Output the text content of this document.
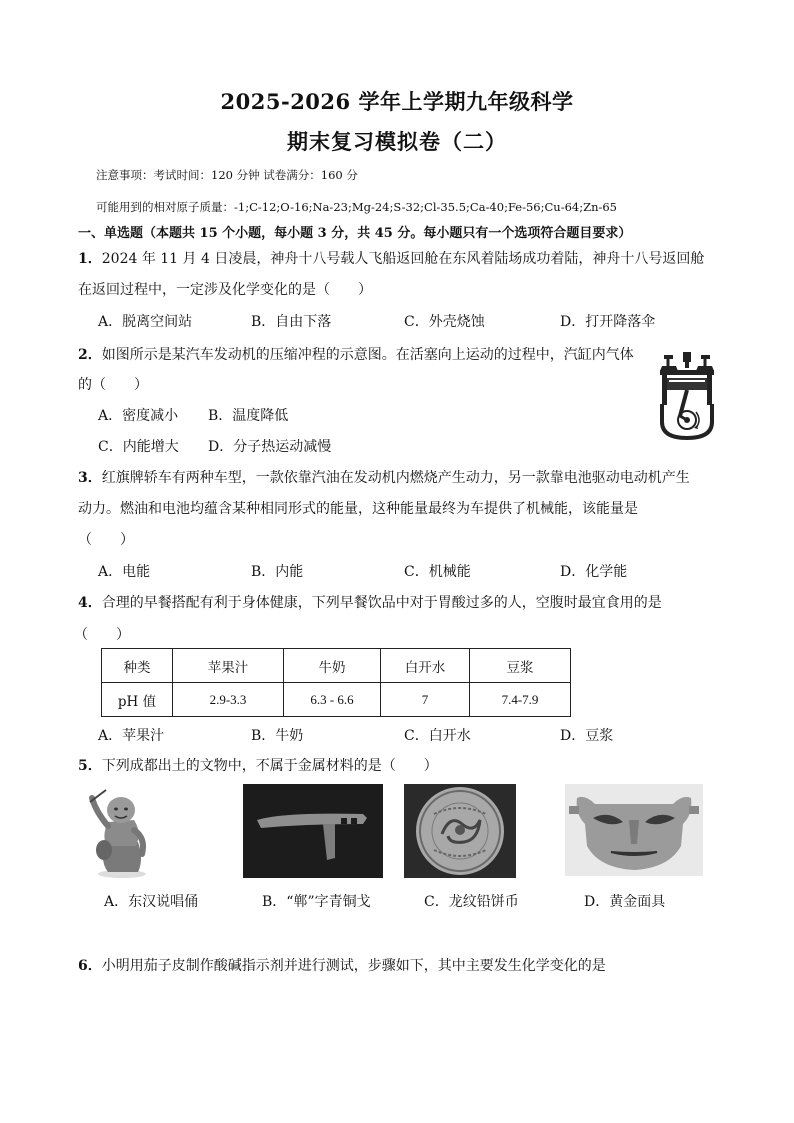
2025-2026 学年上学期九年级科学
期末复习模拟卷（二）
注意事项：考试时间：120 分钟 试卷满分：160 分
可能用到的相对原子质量：-1;C-12;O-16;Na-23;Mg-24;S-32;Cl-35.5;Ca-40;Fe-56;Cu-64;Zn-65
一、单选题（本题共 15 个小题，每小题 3 分，共 45 分。每小题只有一个选项符合题目要求）
1．2024 年 11 月 4 日凌晨，神舟十八号载人飞船返回舱在东风着陆场成功着陆，神舟十八号返回舱
在返回过程中，一定涉及化学变化的是（　　）
A．脱离空间站	B．自由下落	C．外壳烧蚀	D．打开降落伞
2．如图所示是某汽车发动机的压缩冲程的示意图。在活塞向上运动的过程中，汽缸内气体
的（　　）
A．密度减小 B．温度降低
C．内能增大 D．分子热运动减慢
3．红旗牌轿车有两种车型，一款依靠汽油在发动机内燃烧产生动力，另一款靠电池驱动电动机产生
动力。燃油和电池均蕴含某种相同形式的能量，这种能量最终为车提供了机械能，该能量是
（　　）
A．电能	B．内能	C．机械能	D．化学能
4．合理的早餐搭配有利于身体健康，下列早餐饮品中对于胃酸过多的人，空腹时最宜食用的是
（　　）
种类	苹果汁	牛奶	白开水	豆浆
pH 值	2.9-3.3	6.3 - 6.6	7	7.4-7.9
A．苹果汁	B．牛奶	C．白开水	D．豆浆
5．下列成都出土的文物中，不属于金属材料的是（　　）
A．东汉说唱俑	B．“郸”字青铜戈	C．龙纹铅饼币	D．黄金面具
6．小明用茄子皮制作酸碱指示剂并进行测试，步骤如下，其中主要发生化学变化的是
